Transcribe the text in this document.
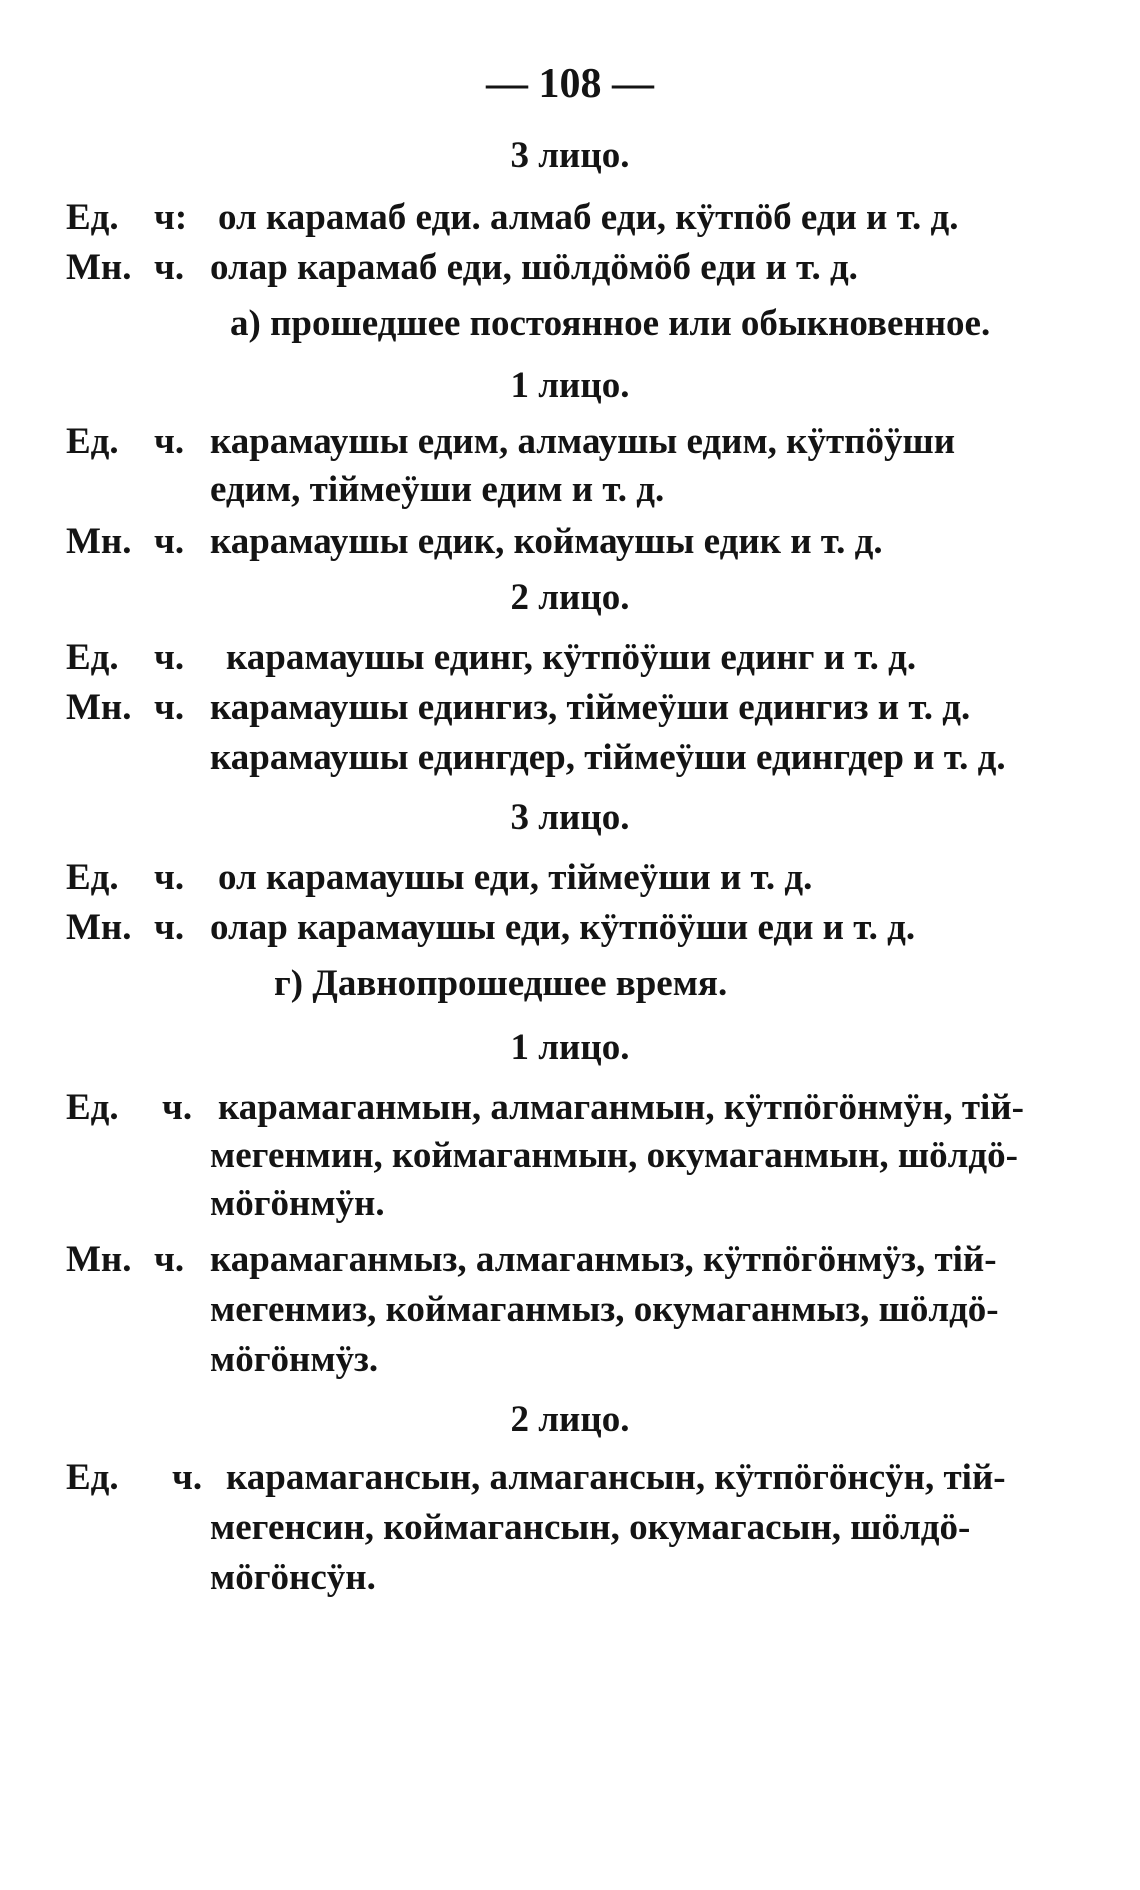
— 108 —
3 лицо.
Ед. ч: ол карамаб еди. алмаб еди, кӱтпӧб еди и т. д.
Мн. ч. олар карамаб еди, шӧлдӧмӧб еди и т. д.
а) прошедшее постоянное или обыкновенное.
1 лицо.
Ед. ч. карамаушы едим, алмаушы едим, кӱтпӧӱши
едим, тіймеӱши едим и т. д.
Мн. ч. карамаушы едик, коймаушы едик и т. д.
2 лицо.
Ед. ч. карамаушы единг, кӱтпӧӱши единг и т. д.
Мн. ч. карамаушы едингиз, тіймеӱши едингиз и т. д.
карамаушы едингдер, тіймеӱши едингдер и т. д.
3 лицо.
Ед. ч. ол карамаушы еди, тіймеӱши и т. д.
Мн. ч. олар карамаушы еди, кӱтпӧӱши еди и т. д.
г) Давнопрошедшее время.
1 лицо.
Ед. ч. карамаганмын, алмаганмын, кӱтпӧгӧнмӱн, тій-
мегенмин, коймаганмын, окумаганмын, шӧлдӧ-
мӧгӧнмӱн.
Мн. ч. карамаганмыз, алмаганмыз, кӱтпӧгӧнмӱз, тій-
мегенмиз, коймаганмыз, окумаганмыз, шӧлдӧ-
мӧгӧнмӱз.
2 лицо.
Ед. ч. карамагансын, алмагансын, кӱтпӧгӧнсӱн, тій-
мегенсин, коймагансын, окумагасын, шӧлдӧ-
мӧгӧнсӱн.
